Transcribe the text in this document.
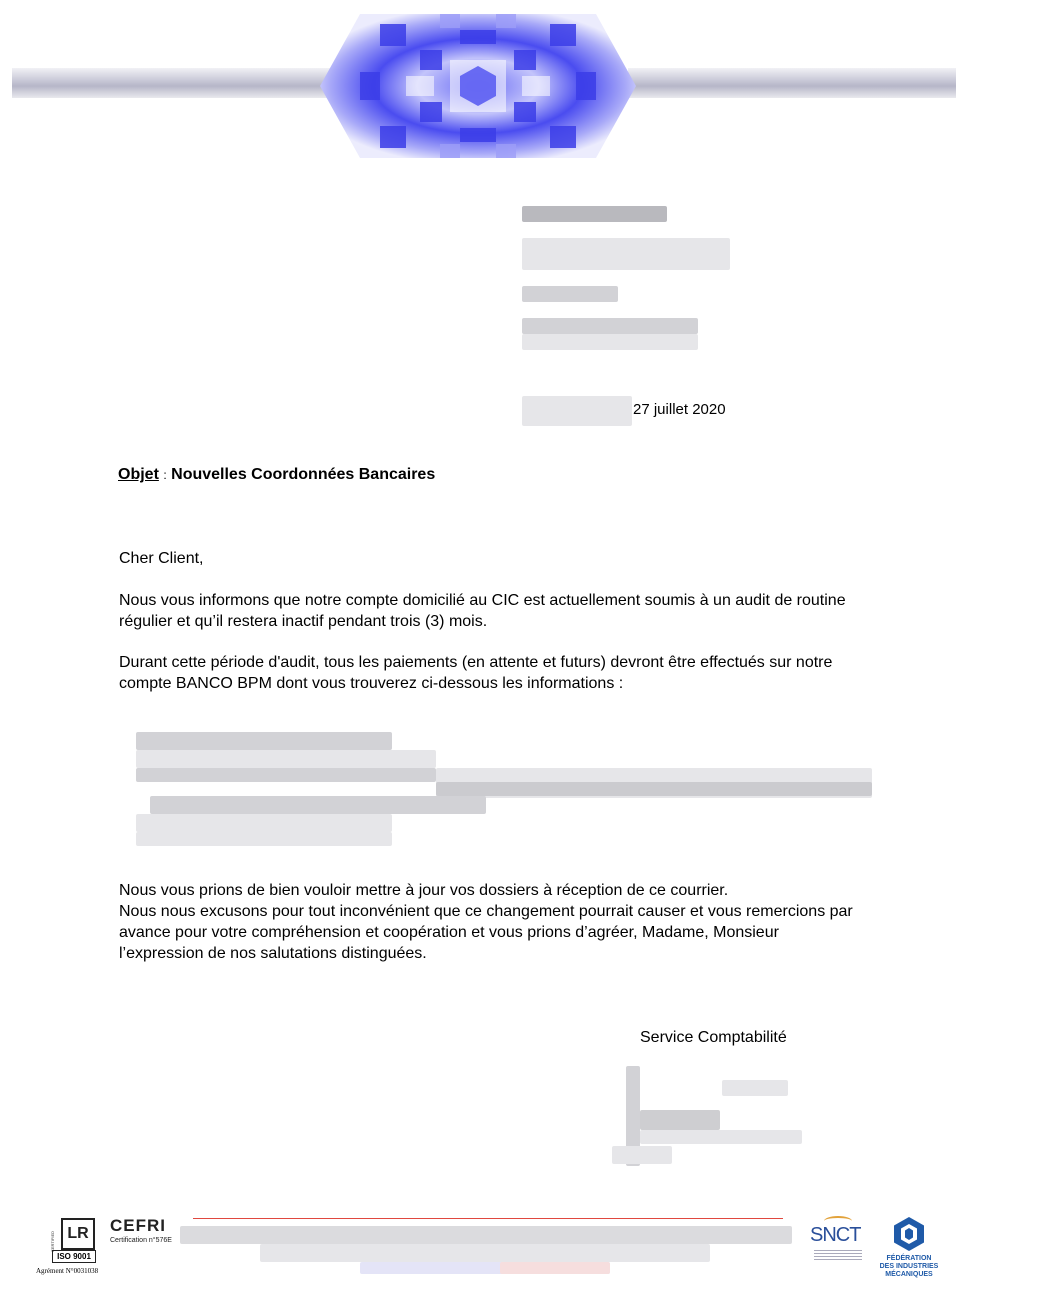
27 juillet 2020
Objet : Nouvelles Coordonnées Bancaires
Cher Client,
Nous vous informons que notre compte domicilié au CIC est actuellement soumis à un audit de routine
régulier et qu’il restera inactif pendant trois (3) mois.
Durant cette période d'audit, tous les paiements (en attente et futurs) devront être effectués sur notre
compte BANCO BPM dont vous trouverez ci-dessous les informations :
Nous vous prions de bien vouloir mettre à jour vos dossiers à réception de ce courrier.
Nous nous excusons pour tout inconvénient que ce changement pourrait causer et vous remercions par
avance pour votre compréhension et coopération et vous prions d’agréer, Madame, Monsieur
l’expression de nos salutations distinguées.
Service Comptabilité
CERTIFIED LR
ISO 9001
Agrément N°0031038
CEFRI
Certification n°576E	SNCT
FÉDÉRATION
DES INDUSTRIES
MÉCANIQUES
